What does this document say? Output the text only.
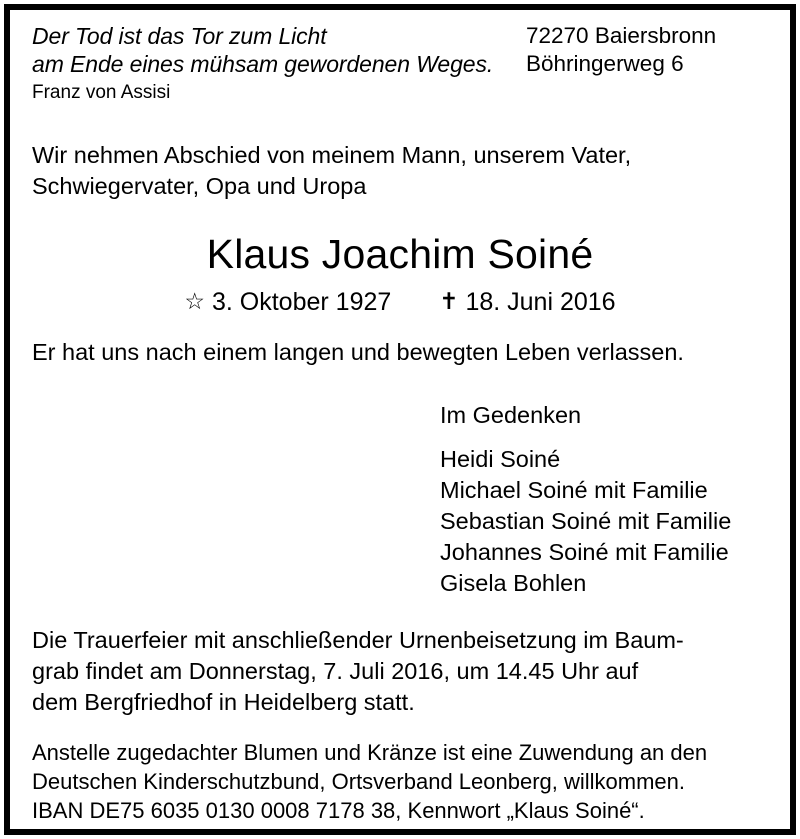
Der Tod ist das Tor zum Licht
am Ende eines mühsam gewordenen Weges.
Franz von Assisi
72270 Baiersbronn
Böhringerweg 6
Wir nehmen Abschied von meinem Mann, unserem Vater,
Schwiegervater, Opa und Uropa
Klaus Joachim Soiné
☆ 3. Oktober 1927 ✝ 18. Juni 2016
Er hat uns nach einem langen und bewegten Leben verlassen.
Im Gedenken
Heidi Soiné
Michael Soiné mit Familie
Sebastian Soiné mit Familie
Johannes Soiné mit Familie
Gisela Bohlen
Die Trauerfeier mit anschließender Urnenbeisetzung im Baum-
grab findet am Donnerstag, 7. Juli 2016, um 14.45 Uhr auf
dem Bergfriedhof in Heidelberg statt.
Anstelle zugedachter Blumen und Kränze ist eine Zuwendung an den
Deutschen Kinderschutzbund, Ortsverband Leonberg, willkommen.
IBAN DE75 6035 0130 0008 7178 38, Kennwort „Klaus Soiné“.
